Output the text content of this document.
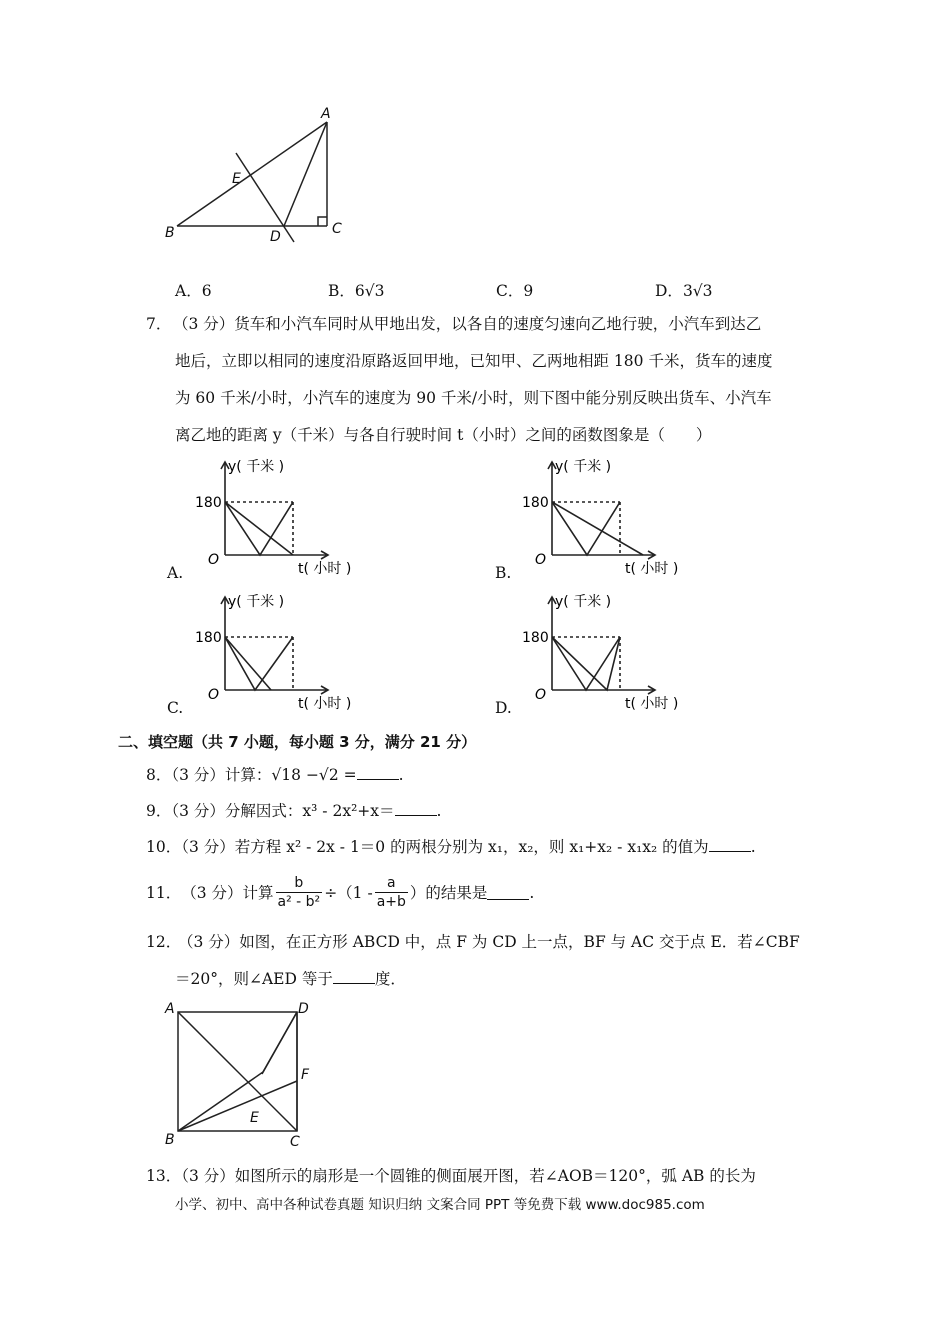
A
E
B	D	C
A．6	B．6√3	C．9	D．3√3
7． （3 分）货车和小汽车同时从甲地出发，以各自的速度匀速向乙地行驶，小汽车到达乙
地后，立即以相同的速度沿原路返回甲地，已知甲、乙两地相距 180 千米，货车的速度
为 60 千米/小时，小汽车的速度为 90 千米/小时，则下图中能分别反映出货车、小汽车
离乙地的距离 y（千米）与各自行驶时间 t（小时）之间的函数图象是（　　）
A.
y( 千米 )
180
O
t( 小时 )	B.
y( 千米 )
180
O
t( 小时 )
C.
y( 千米 )
180
O
t( 小时 )	D.
y( 千米 )
180
O
t( 小时 )
二、填空题（共 7 小题，每小题 3 分，满分 21 分）
8．（3 分）计算：√18 −√2 =	.
9．（3 分）分解因式：x³ - 2x²+x＝	.
10．（3 分）若方程 x² - 2x - 1＝0 的两根分别为 x₁，x₂，则 x₁+x₂ - x₁x₂ 的值为	.
11． （3 分）计算 $\frac{b}{\text{a² - b²}} \div(1 - \frac{a}{a+b}$ ）的结果是	.
12．
（3 分）如图，在正方形 ABCD 中，点 F 为 CD 上一点，BF 与 AC 交于点 E．若∠CBF
＝20°，则∠AED 等于	度．
A	D
F
E
B	C
13．（3 分）如图所示的扇形是一个圆锥的侧面展开图，若∠AOB＝120°，弧 AB 的长为
小学、初中、高中各种试卷真题 知识归纳 文案合同 PPT 等免费下载 www.doc985.com
